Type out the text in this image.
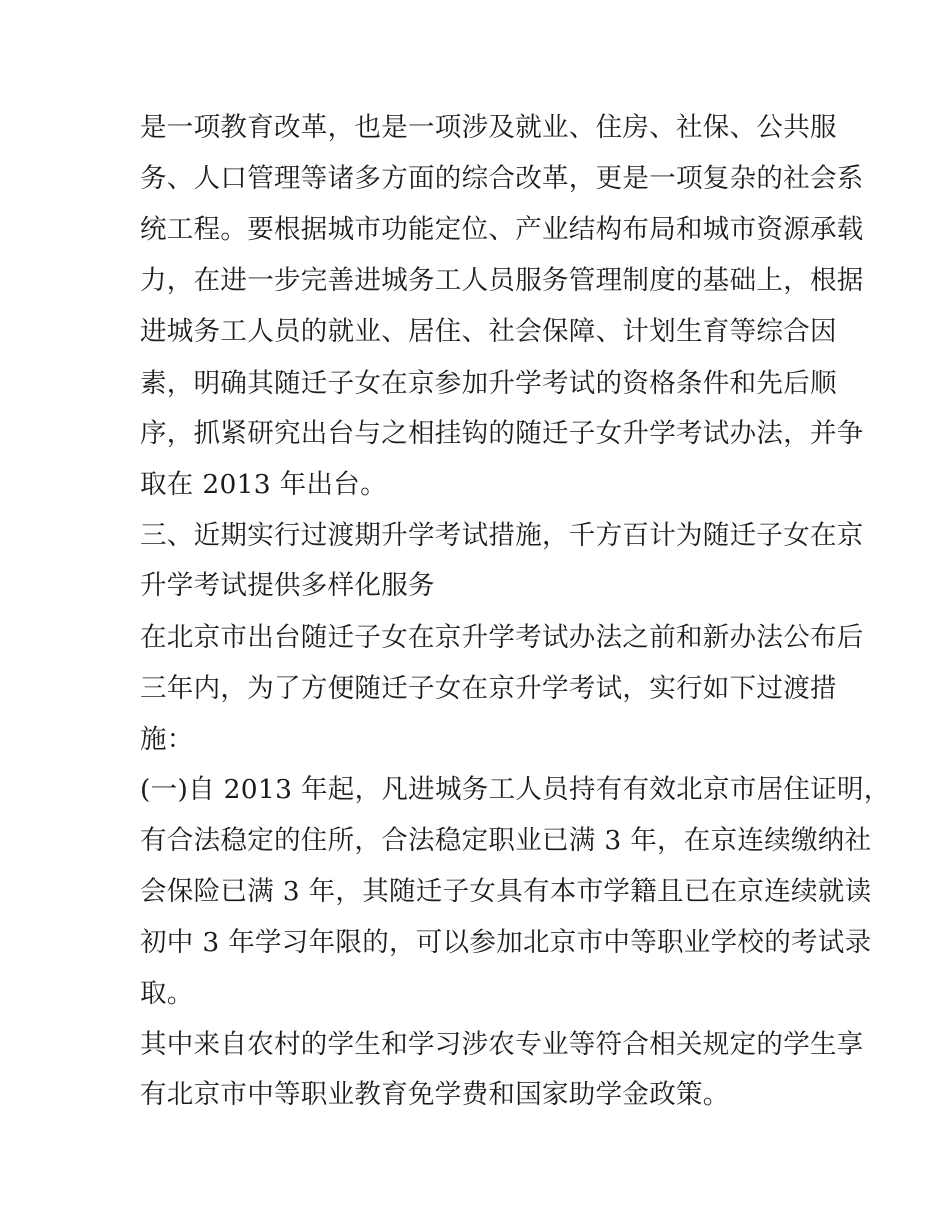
是一项教育改革，也是一项涉及就业、住房、社保、公共服
务、人口管理等诸多方面的综合改革，更是一项复杂的社会系
统工程。要根据城市功能定位、产业结构布局和城市资源承载
力，在进一步完善进城务工人员服务管理制度的基础上，根据
进城务工人员的就业、居住、社会保障、计划生育等综合因
素，明确其随迁子女在京参加升学考试的资格条件和先后顺
序，抓紧研究出台与之相挂钩的随迁子女升学考试办法，并争
取在 2013 年出台。
三、近期实行过渡期升学考试措施，千方百计为随迁子女在京
升学考试提供多样化服务
在北京市出台随迁子女在京升学考试办法之前和新办法公布后
三年内，为了方便随迁子女在京升学考试，实行如下过渡措
施：
(一)自 2013 年起，凡进城务工人员持有有效北京市居住证明，
有合法稳定的住所，合法稳定职业已满 3 年，在京连续缴纳社
会保险已满 3 年，其随迁子女具有本市学籍且已在京连续就读
初中 3 年学习年限的，可以参加北京市中等职业学校的考试录
取。
其中来自农村的学生和学习涉农专业等符合相关规定的学生享
有北京市中等职业教育免学费和国家助学金政策。
